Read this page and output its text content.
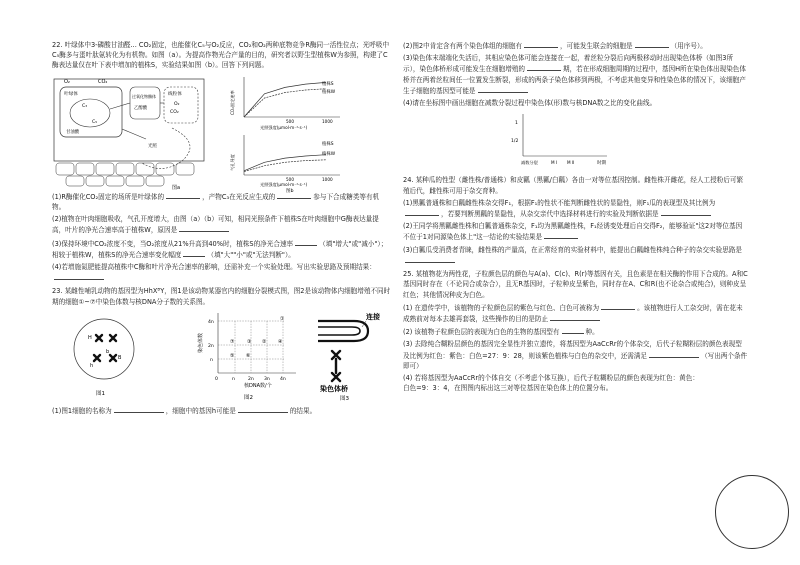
22. 叶绿体中3-磷酸甘油醛... CO₂固定，也能催化C₅与O₂反应，CO₂和O₂两种底物竞争R酶同一活性位点；光呼吸中C₅酶多与蛋叶肽氨转化为有机物。如图（a）。为提高作物光合产量的目的，研究者以野生型植株W为参照，构建了C酶表达量仅在叶下表中增加的植株S，实验结果如图（b）。回答下列问题。

O₂	CO₂
叶绿体	线粒体
过氧化物酶体
乙醇酸
甘油酸
C₃
C₅
CO₂
O₂
光照
图a
CO₂固定速率
500	1000
光照强度(μmol·m⁻²·s⁻¹)
植株S
植株W
气孔导度
500	1000
光照强度(μmol·m⁻²·s⁻¹)
图b
植株S
植株W

(1)R酶催化CO₂固定的场所是叶绿体的	，产物C₃在光反应生成的	参与下合成糖类等有机物。

(2)植物在叶肉细胞吸收，气孔开度增大，由图（a）（b）可知，相同光照条件下植株S在叶肉细胞中G酶表达量提高，叶片的净光合速率高于植株W，原因是

(3)保持环境中CO₂浓度不变，当O₂浓度从21%升高到40%时，植株S的净光合速率	（填"增大"或"减小"）；相较于植株W，植株S的净光合速率变化幅度	（填"大""小"或"无法判断"）。

(4)若增施氮肥能提高植株中C酶和叶片净光合速率的影响，还需补充一个实验处理。写出实验思路及预期结果：

23. 某雌性哺乳动物的基因型为HhXᴮY，图1是该动物某器官内的细胞分裂模式图，图2是该动物体内细胞增殖不同时期的细胞①~⑦中染色体数与核DNA分子数的关系图。

H
b
h
B
图1
染色体数
4n
2n
n
0	n	2n 3n 4n
核DNA数/个
①
②
③	④
⑤ ⑥
⑦
图2
连接
染色体桥
图3

(1)图1细胞的名称为	，细胞中的基因h可能是	的结果。

(2)图2中肯定含有两个染色体组的细胞有	，可能发生联会的细胞是	（用序号）。

(3)染色体末端端化失活后，其相应染色体可能会连接在一起，着丝粒分裂后向两极移动时出现染色体桥（如图3所示），染色体桥形成可能发生在细胞增殖的	期，若在形成细胞周期的过程中，基因H所在染色体出现染色体桥并在两着丝粒间任一位置发生断裂，形成的两条子染色体移到两极，不考虑其他变异和性染色体的情况下，该细胞产生子细胞的基因型可能是

(4)请在坐标图中画出细胞在减数分裂过程中染色体(形)数与核DNA数之比的变化曲线。

1
1/2
减数分裂	M Ⅰ M Ⅱ	时期

24. 某种瓜的性型（雌性株/普通株）和皮瓤（黑瓤/白瓤）各由一对等位基因控制。雌性株开雌花，经人工授粉后可繁殖后代，雌性株可用于杂交育种。

(1)黑瓤普通株和白瓤雌性株杂交得F₁，根据F₁的性状不能判断雌性状的显隐性，则F₁瓜的表现型及其比例为，若要判断黑瓤的显隐性，从杂交亲代中选择材料进行的实验及判断依据是

(2)王同学将黑瓤雌性株和白瓤普通株杂交，F₁均为黑瓤雌性株，F₁经诱变处理后自交得F₂，能够验证"这2对等位基因不位于1对同源染色体上"这一结论的实验结果是

(3)白瓤瓜受消费者青睐，雌性株的产量高，在正常经育的实验材料中，能提出白瓤雌性株纯合种子的杂交实验思路是

25. 某植物花为两性花，子粒颜色层的颜色与A(a)、C(c)、R(r)等基因有关，且色素是在相关酶的作用下合成的。A和C基因同时存在（不论同合或杂合），且无R基因时，子粒种皮呈紫色，同时存在A、C和R(也不论杂合或纯合)，则种皮呈红色；其他情况种皮为白色。

(1) 在遗传学中，该植物的子粒颜色层的紫色与红色、白色可被称为	。该植物进行人工杂交时，需在花未成熟前对每本去雄再套袋，这些操作的目的是防止

(2) 该植物子粒颜色层的表现为白色的生物的基因型有	种。

(3) 去除纯合糊粉层颜色的基因完全显性并独立遗传，将基因型为AaCcRr的个体杂交，后代子粒糊粉层的颜色表现型及比例为红色：紫色：白色=27：9：28，则该紫色植株与白色的杂交中，还需满足	（写出两个条件即可）

(4) 若将基因型为AaCcRr的个体自交（不考虑个体互换），后代子粒糊粉层的颜色表现为红色：黄色：白色=9：3：4，在图图内标出这三对等位基因在染色体上的位置分布。
